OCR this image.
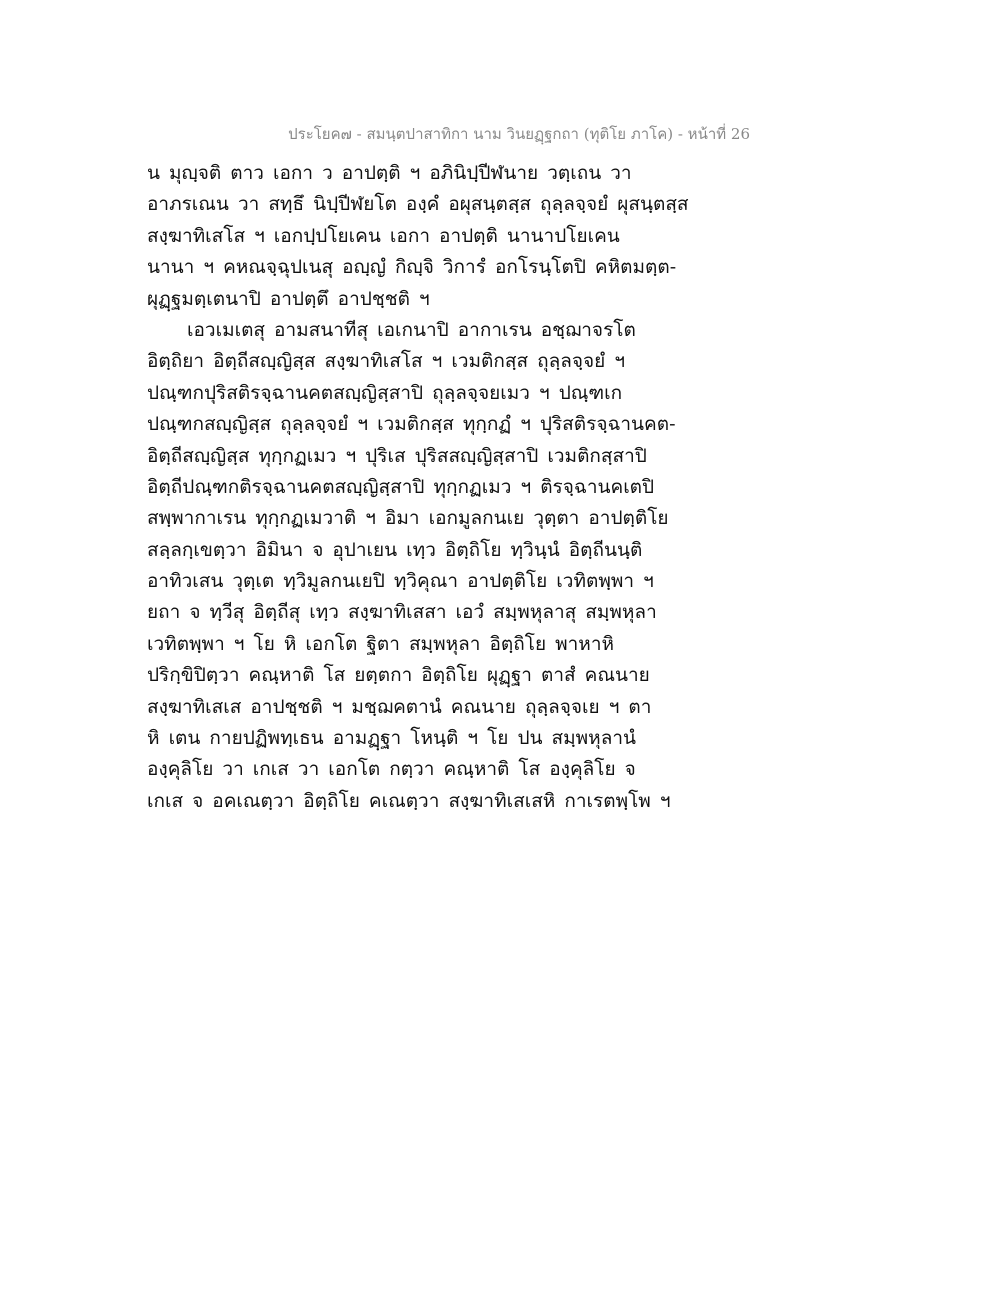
ประโยค๗ - สมนฺตปาสาทิกา นาม วินยฏฺฐกถา (ทุติโย ภาโค) - หน้าที่ 26
น มุญฺจติ ตาว เอกา ว อาปตฺติ ฯ อภินิปฺปีฬนาย วตฺเถน วา
อาภรเณน วา สทฺธึ นิปฺปีฬยโต องฺคํ อผุสนฺตสฺส ถุลฺลจฺจยํ ผุสนฺตสฺส
สงฺฆาทิเสโส ฯ เอกปฺปโยเคน เอกา อาปตฺติ นานาปโยเคน
นานา ฯ คหณจฺฉุปเนสุ อญฺญํ กิญฺจิ วิการํ อกโรนฺโตปิ คหิตมตฺต-
ผุฏฺฐมตฺเตนาปิ อาปตฺตึ อาปชฺชติ ฯ
เอวเมเตสุ อามสนาทีสุ เอเกนาปิ อากาเรน อชฺฌาจรโต
อิตฺถิยา อิตฺถีสญฺญิสฺส สงฺฆาทิเสโส ฯ เวมติกสฺส ถุลฺลจฺจยํ ฯ
ปณฺฑกปุริสติรจฺฉานคตสญฺญิสฺสาปิ ถุลฺลจฺจยเมว ฯ ปณฺฑเก
ปณฺฑกสญฺญิสฺส ถุลฺลจฺจยํ ฯ เวมติกสฺส ทุกฺกฏํ ฯ ปุริสติรจฺฉานคต-
อิตฺถีสญฺญิสฺส ทุกฺกฏเมว ฯ ปุริเส ปุริสสญฺญิสฺสาปิ เวมติกสฺสาปิ
อิตฺถีปณฺฑกติรจฺฉานคตสญฺญิสฺสาปิ ทุกฺกฏเมว ฯ ติรจฺฉานคเตปิ
สพฺพากาเรน ทุกฺกฏเมวาติ ฯ อิมา เอกมูลกนเย วุตฺตา อาปตฺติโย
สลฺลกฺเขตฺวา อิมินา จ อุปาเยน เทฺว อิตฺถิโย ทฺวินฺนํ อิตฺถีนนฺติ
อาทิวเสน วุตฺเต ทฺวิมูลกนเยปิ ทฺวิคุณา อาปตฺติโย เวทิตพฺพา ฯ
ยถา จ ทฺวีสุ อิตฺถีสุ เทฺว สงฺฆาทิเสสา เอวํ สมฺพหุลาสุ สมฺพหุลา
เวทิตพฺพา ฯ โย หิ เอกโต ฐิตา สมฺพหุลา อิตฺถิโย พาหาหิ
ปริกฺขิปิตฺวา คณฺหาติ โส ยตฺตกา อิตฺถิโย ผุฏฺฐา ตาสํ คณนาย
สงฺฆาทิเสเส อาปชฺชติ ฯ มชฺฌคตานํ คณนาย ถุลฺลจฺจเย ฯ ตา
หิ เตน กายปฏิพทฺเธน อามฏฺฐา โหนฺติ ฯ โย ปน สมฺพหุลานํ
องฺคุลิโย วา เกเส วา เอกโต กตฺวา คณฺหาติ โส องฺคุลิโย จ
เกเส จ อคเณตฺวา อิตฺถิโย คเณตฺวา สงฺฆาทิเสเสหิ กาเรตพฺโพ ฯ
